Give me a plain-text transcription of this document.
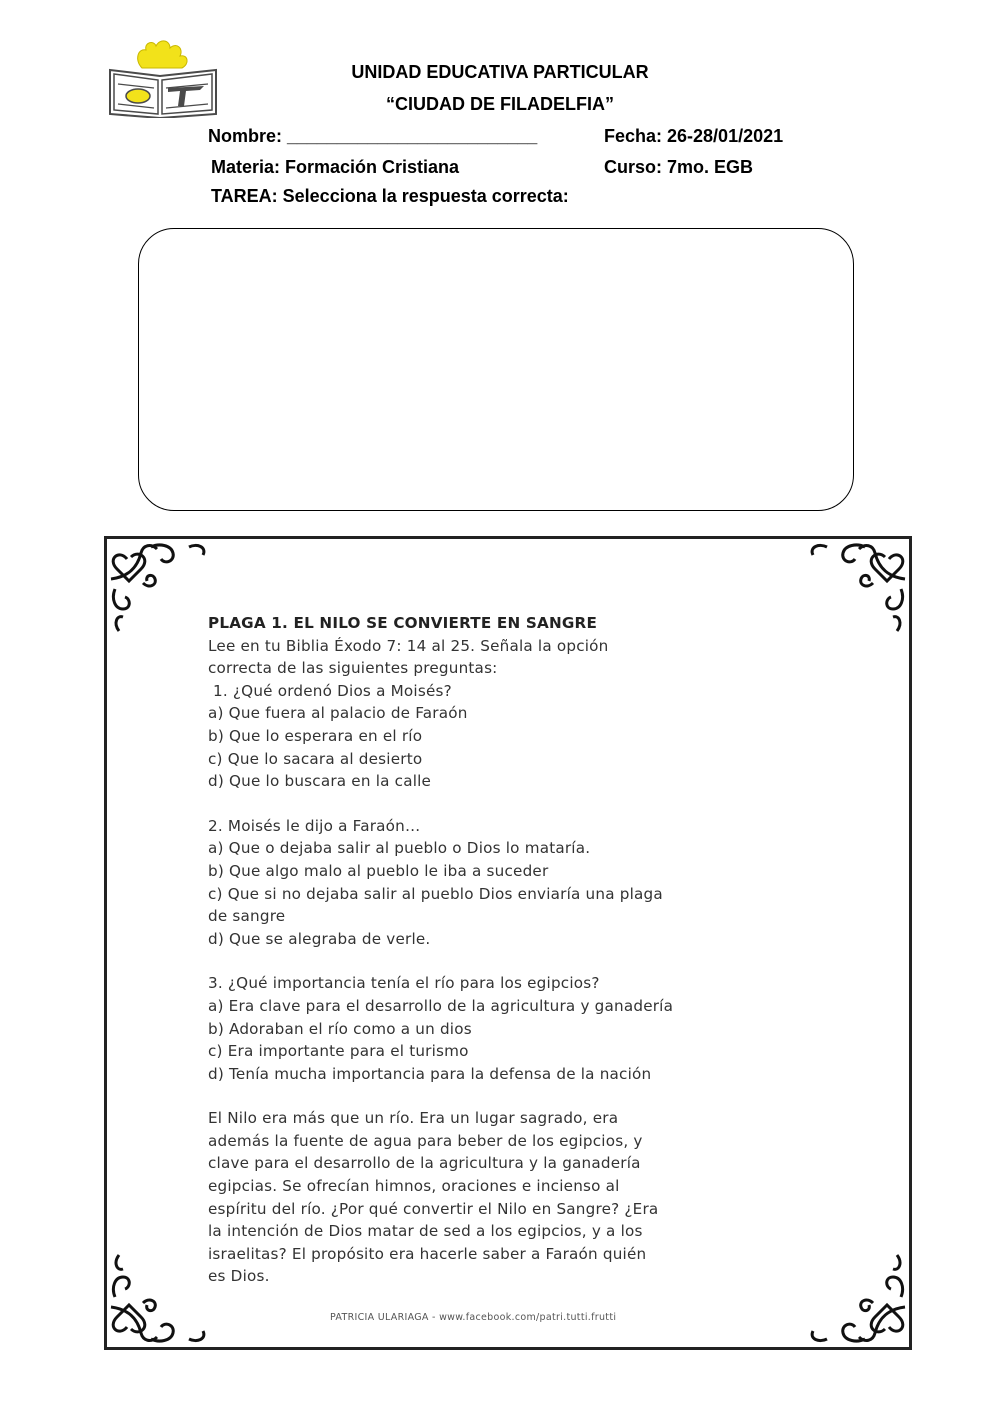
UNIDAD EDUCATIVA PARTICULAR
“CIUDAD DE FILADELFIA”
Nombre: _________________________	Fecha: 26-28/01/2021
Materia: Formación Cristiana	Curso: 7mo. EGB
TAREA: Selecciona la respuesta correcta:

PLAGA 1. EL NILO SE CONVIERTE EN SANGRE

Lee en tu Biblia Éxodo 7: 14 al 25. Señala la opción

correcta de las siguientes preguntas:

1. ¿Qué ordenó Dios a Moisés?

a) Que fuera al palacio de Faraón

b) Que lo esperara en el río

c) Que lo sacara al desierto

d) Que lo buscara en la calle

2. Moisés le dijo a Faraón…

a) Que o dejaba salir al pueblo o Dios lo mataría.

b) Que algo malo al pueblo le iba a suceder

c) Que si no dejaba salir al pueblo Dios enviaría una plaga

de sangre

d) Que se alegraba de verle.

3. ¿Qué importancia tenía el río para los egipcios?

a) Era clave para el desarrollo de la agricultura y ganadería

b) Adoraban el río como a un dios

c) Era importante para el turismo

d) Tenía mucha importancia para la defensa de la nación

El Nilo era más que un río. Era un lugar sagrado, era

además la fuente de agua para beber de los egipcios, y

clave para el desarrollo de la agricultura y la ganadería

egipcias. Se ofrecían himnos, oraciones e incienso al

espíritu del río. ¿Por qué convertir el Nilo en Sangre? ¿Era

la intención de Dios matar de sed a los egipcios, y a los

israelitas? El propósito era hacerle saber a Faraón quién

es Dios.

PATRICIA ULARIAGA - www.facebook.com/patri.tutti.frutti
